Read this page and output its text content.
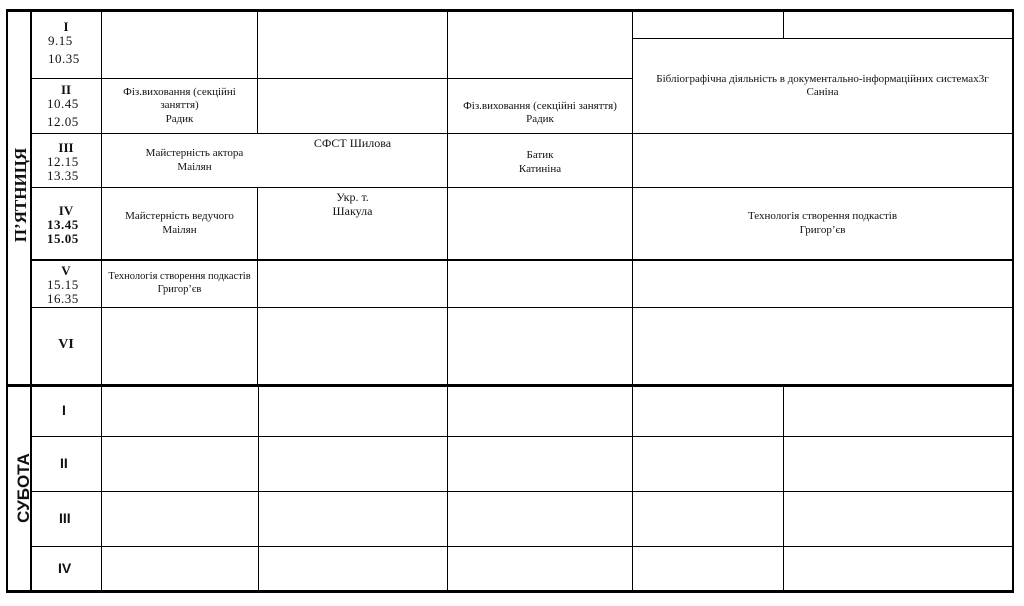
П’ЯТНИЦЯ
СУБОТА
I
9.15
10.35
II
10.45
12.05
III
12.15
13.35
IV
13.45
15.05
V
15.15
16.35
VI
I
II
III
IV
Фіз.виховання (секційні заняття)
Радик
Фіз.виховання (секційні заняття)
Радик
Бібліографічна діяльність в документально-інформаційних системах3г
Саніна
Майстерність актора
Маілян
СФСТ Шилова
Батик
Катиніна
Майстерність ведучого
Маілян
Укр. т.
Шакула	Технологія створення подкастів
Григор’єв
Технологія створення подкастів
Григор’єв
